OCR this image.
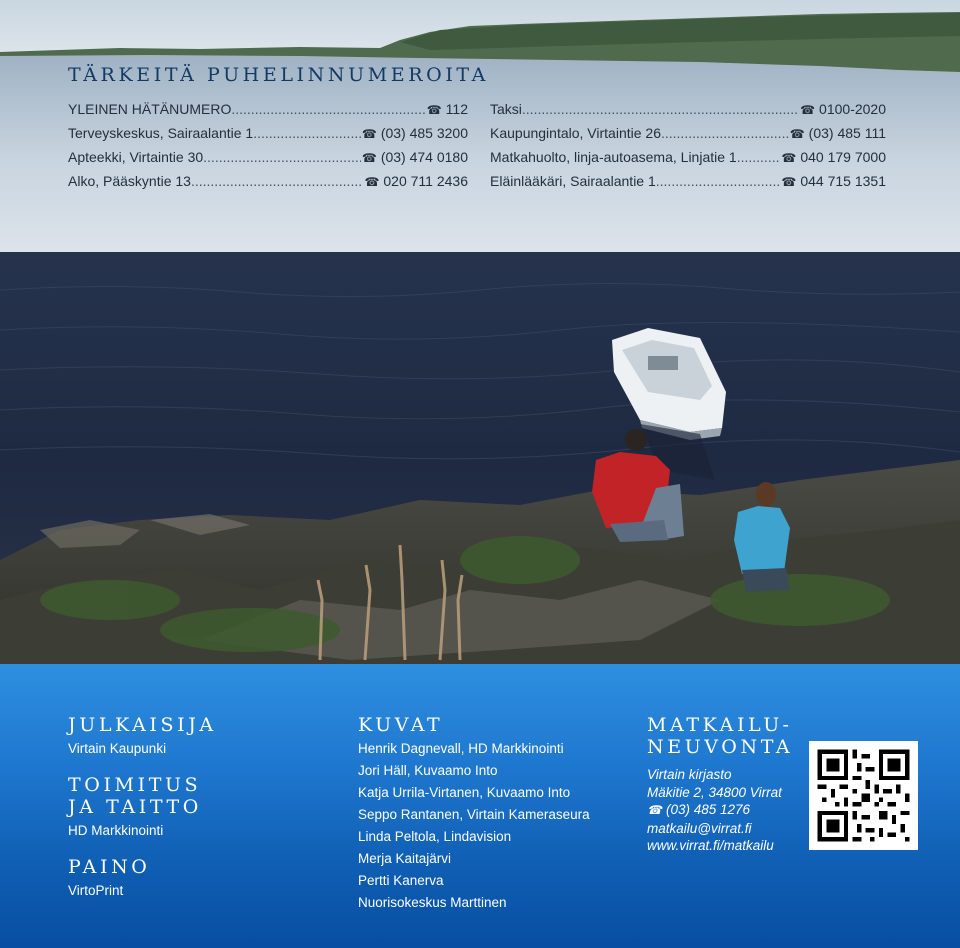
TÄRKEITÄ PUHELINNUMEROITA
YLEINEN HÄTÄNUMERO .....	☎ 112
Terveyskeskus, Sairaalantie 1 .....	☎ (03) 485 3200
Apteekki, Virtaintie 30 .....	☎ (03) 474 0180
Alko, Pääskyntie 13 .....	☎ 020 711 2436
Taksi .....	☎ 0100-2020
Kaupungintalo, Virtaintie 26 .....	☎ (03) 485 111
Matkahuolto, linja-autoasema, Linjatie 1 .....	☎ 040 179 7000
Eläinlääkäri, Sairaalantie 1 .....	☎ 044 715 1351
JULKAISIJA
Virtain Kaupunki
TOIMITUS JA TAITTO
HD Markkinointi
PAINO
VirtoPrint
KUVAT
Henrik Dagnevall, HD Markkinointi
Jori Häll, Kuvaamo Into
Katja Urrila-Virtanen, Kuvaamo Into
Seppo Rantanen, Virtain Kameraseura
Linda Peltola, Lindavision
Merja Kaitajärvi
Pertti Kanerva
Nuorisokeskus Marttinen
MATKAILU-
NEUVONTA
Virtain kirjasto
Mäkitie 2, 34800 Virrat
☎ (03) 485 1276
matkailu@virrat.fi
www.virrat.fi/matkailu
